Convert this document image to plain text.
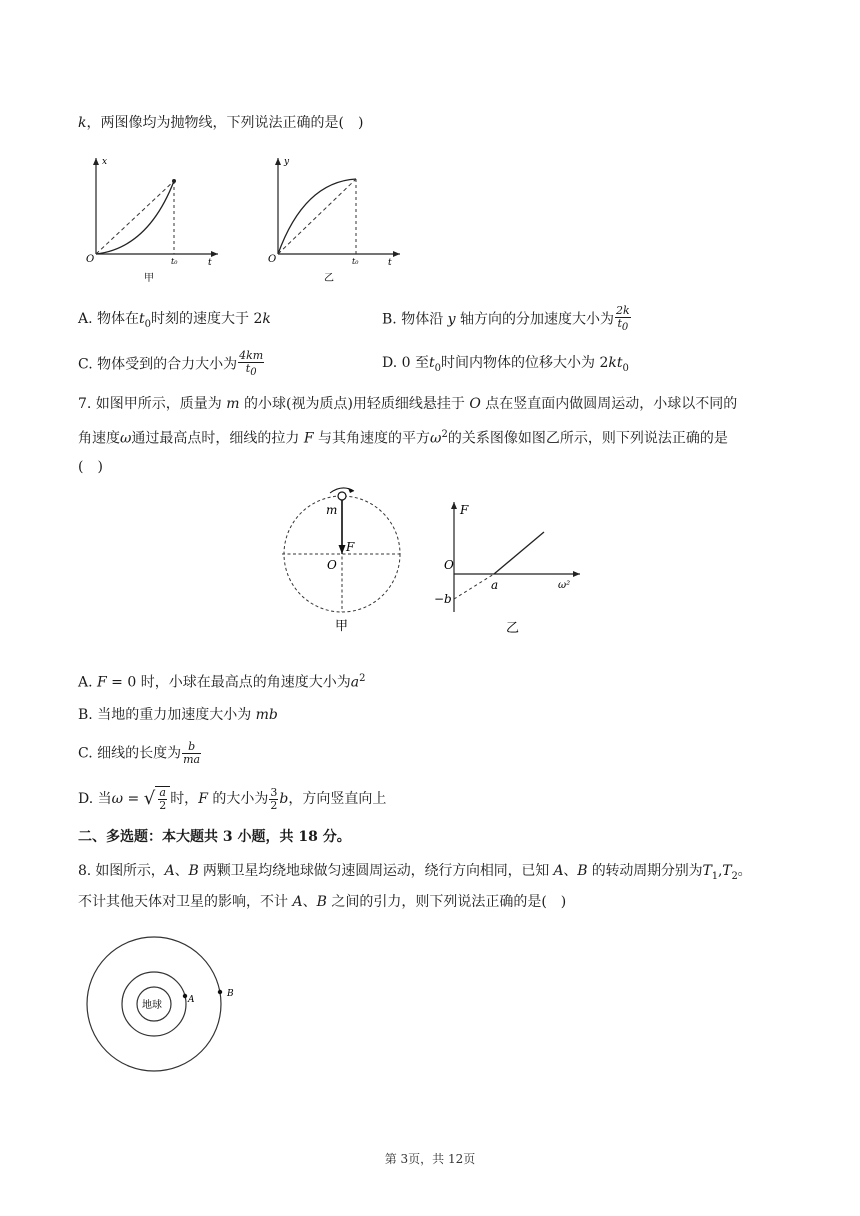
k，两图像均为抛物线，下列说法正确的是(　)
x
t
O	t₀
甲
y
t
O	t₀
乙
A. 物体在$t_0$时刻的速度大于 2k	B. 物体沿 y 轴方向的分加速度大小为 $\frac{2k}{t_0}$
C. 物体受到的合力大小为 $\frac{4km}{t_0}$	D. 0 至$t_0$时间内物体的位移大小为 $2kt_0$
7. 如图甲所示，质量为 m 的小球(视为质点)用轻质细线悬挂于 O 点在竖直面内做圆周运动，小球以不同的
角速度ω通过最高点时，细线的拉力 F 与其角速度的平方$\omega^2$的关系图像如图乙所示，则下列说法正确的是
(　)
m
F
O
甲
F
O
a	ω²
−b
乙
A. F = 0 时，小球在最高点的角速度大小为$a^2$
B. 当地的重力加速度大小为 mb
C. 细线的长度为 $\frac{b}{ma}$
D. 当ω = √ $\frac{a}{2}$ 时，F 的大小为 $\frac{3}{2}$ b，方向竖直向上
二、多选题：本大题共 3 小题，共 18 分。
8. 如图所示，A、B 两颗卫星均绕地球做匀速圆周运动，绕行方向相同，已知 A、B 的转动周期分别为$T_1,T_2$。
不计其他天体对卫星的影响，不计 A、B 之间的引力，则下列说法正确的是(　)
地球	A
B
第 3页，共 12页
